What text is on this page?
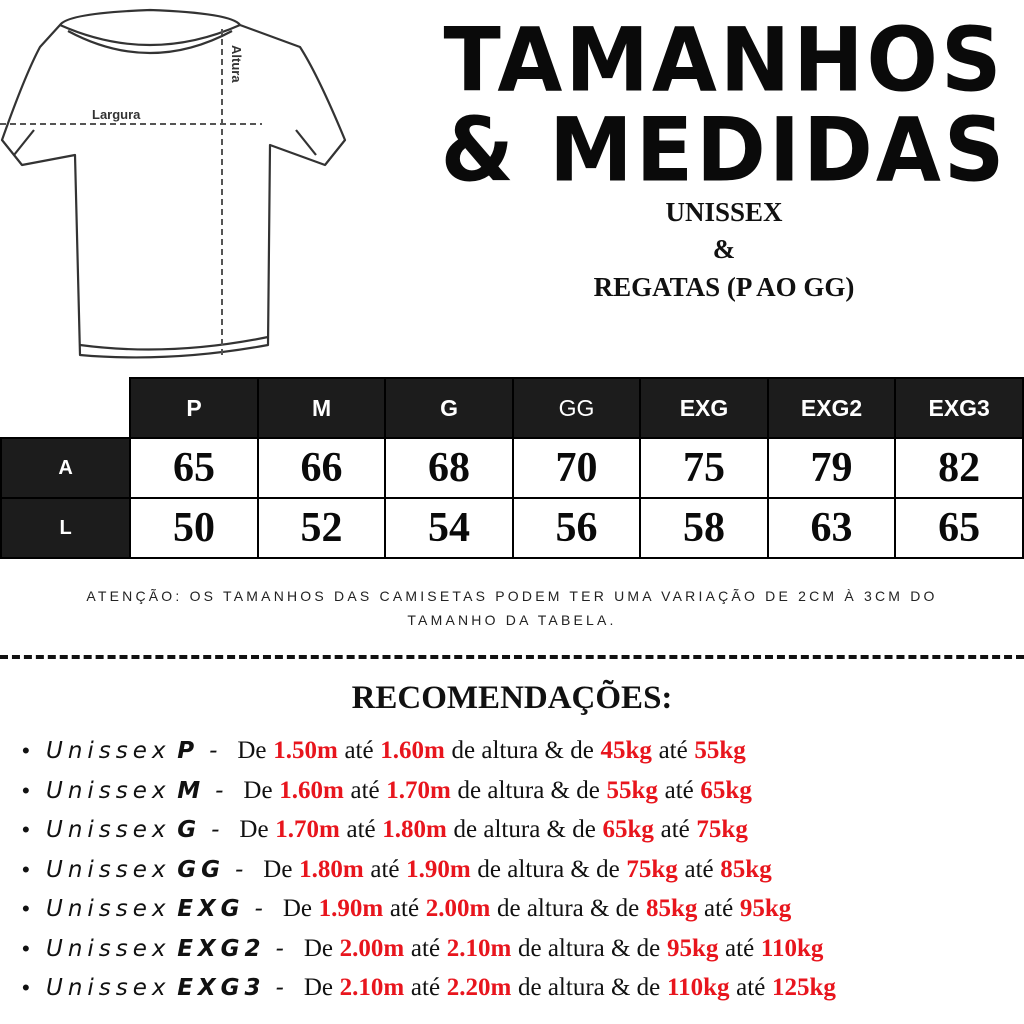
Largura
Altura TAMANHOS
& MEDIDAS
UNISSEX
&
REGATAS (P AO GG)
	P	M	G	GG	EXG	EXG2	EXG3
A	65	66	68	70	75	79	82
L	50	52	54	56	58	63	65
ATENÇÃO: OS TAMANHOS DAS CAMISETAS PODEM TER UMA VARIAÇÃO DE 2CM À 3CM DO
TAMANHO DA TABELA.
RECOMENDAÇÕES:
• Unissex P - De 1.50m até 1.60m de altura & de 45kg até 55kg
• Unissex M - De 1.60m até 1.70m de altura & de 55kg até 65kg
• Unissex G - De 1.70m até 1.80m de altura & de 65kg até 75kg
• Unissex GG - De 1.80m até 1.90m de altura & de 75kg até 85kg
• Unissex EXG - De 1.90m até 2.00m de altura & de 85kg até 95kg
• Unissex EXG2 - De 2.00m até 2.10m de altura & de 95kg até 110kg
• Unissex EXG3 - De 2.10m até 2.20m de altura & de 110kg até 125kg
